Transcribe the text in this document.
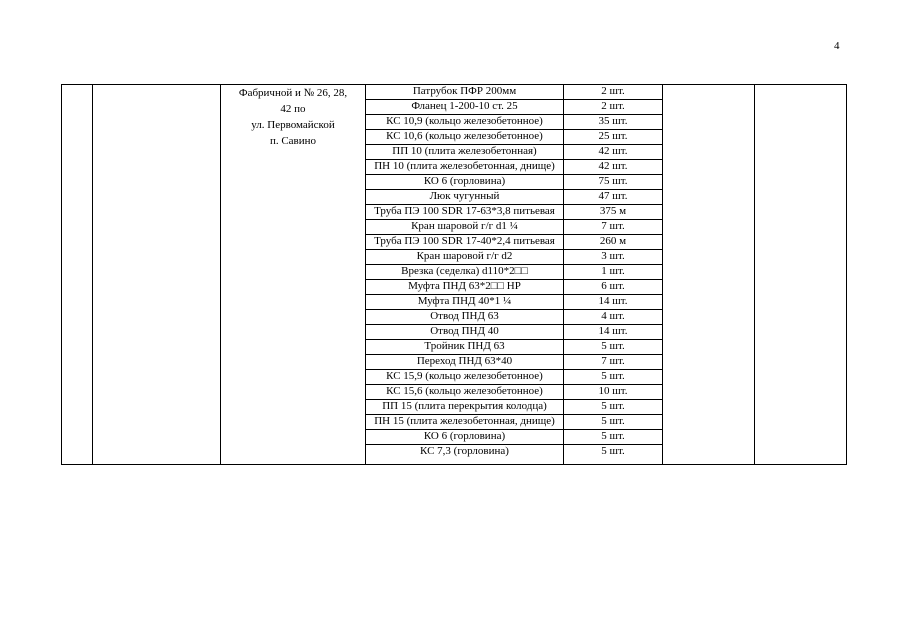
4

		Фабричной и № 26, 28,
42 по
ул. Первомайской
п. Савино	Патрубок ПФР 200мм	2 шт.		
			Фланец 1-200-10 ст. 25	2 шт.		
			КС 10,9 (кольцо железобетонное)	35 шт.		
			КС 10,6 (кольцо железобетонное)	25 шт.		
			ПП 10 (плита железобетонная)	42 шт.		
			ПН 10 (плита железобетонная, днище)	42 шт.		
			КО 6 (горловина)	75 шт.		
			Люк чугунный	47 шт.		
			Труба ПЭ 100 SDR 17-63*3,8 питьевая	375 м		
			Кран шаровой г/г d1 ¼	7 шт.		
			Труба ПЭ 100 SDR 17-40*2,4 питьевая	260 м		
			Кран шаровой г/г d2	3 шт.		
			Врезка (седелка) d110*2□□	1 шт.		
			Муфта ПНД 63*2□□ НР	6 шт.		
			Муфта ПНД 40*1 ¼	14 шт.		
			Отвод ПНД 63	4 шт.		
			Отвод ПНД 40	14 шт.		
			Тройник ПНД 63	5 шт.		
			Переход ПНД 63*40	7 шт.		
			КС 15,9 (кольцо железобетонное)	5 шт.		
			КС 15,6 (кольцо железобетонное)	10 шт.		
			ПП 15 (плита перекрытия колодца)	5 шт.		
			ПН 15 (плита железобетонная, днище)	5 шт.		
			КО 6 (горловина)	5 шт.		
			КС 7,3 (горловина)	5 шт.		
